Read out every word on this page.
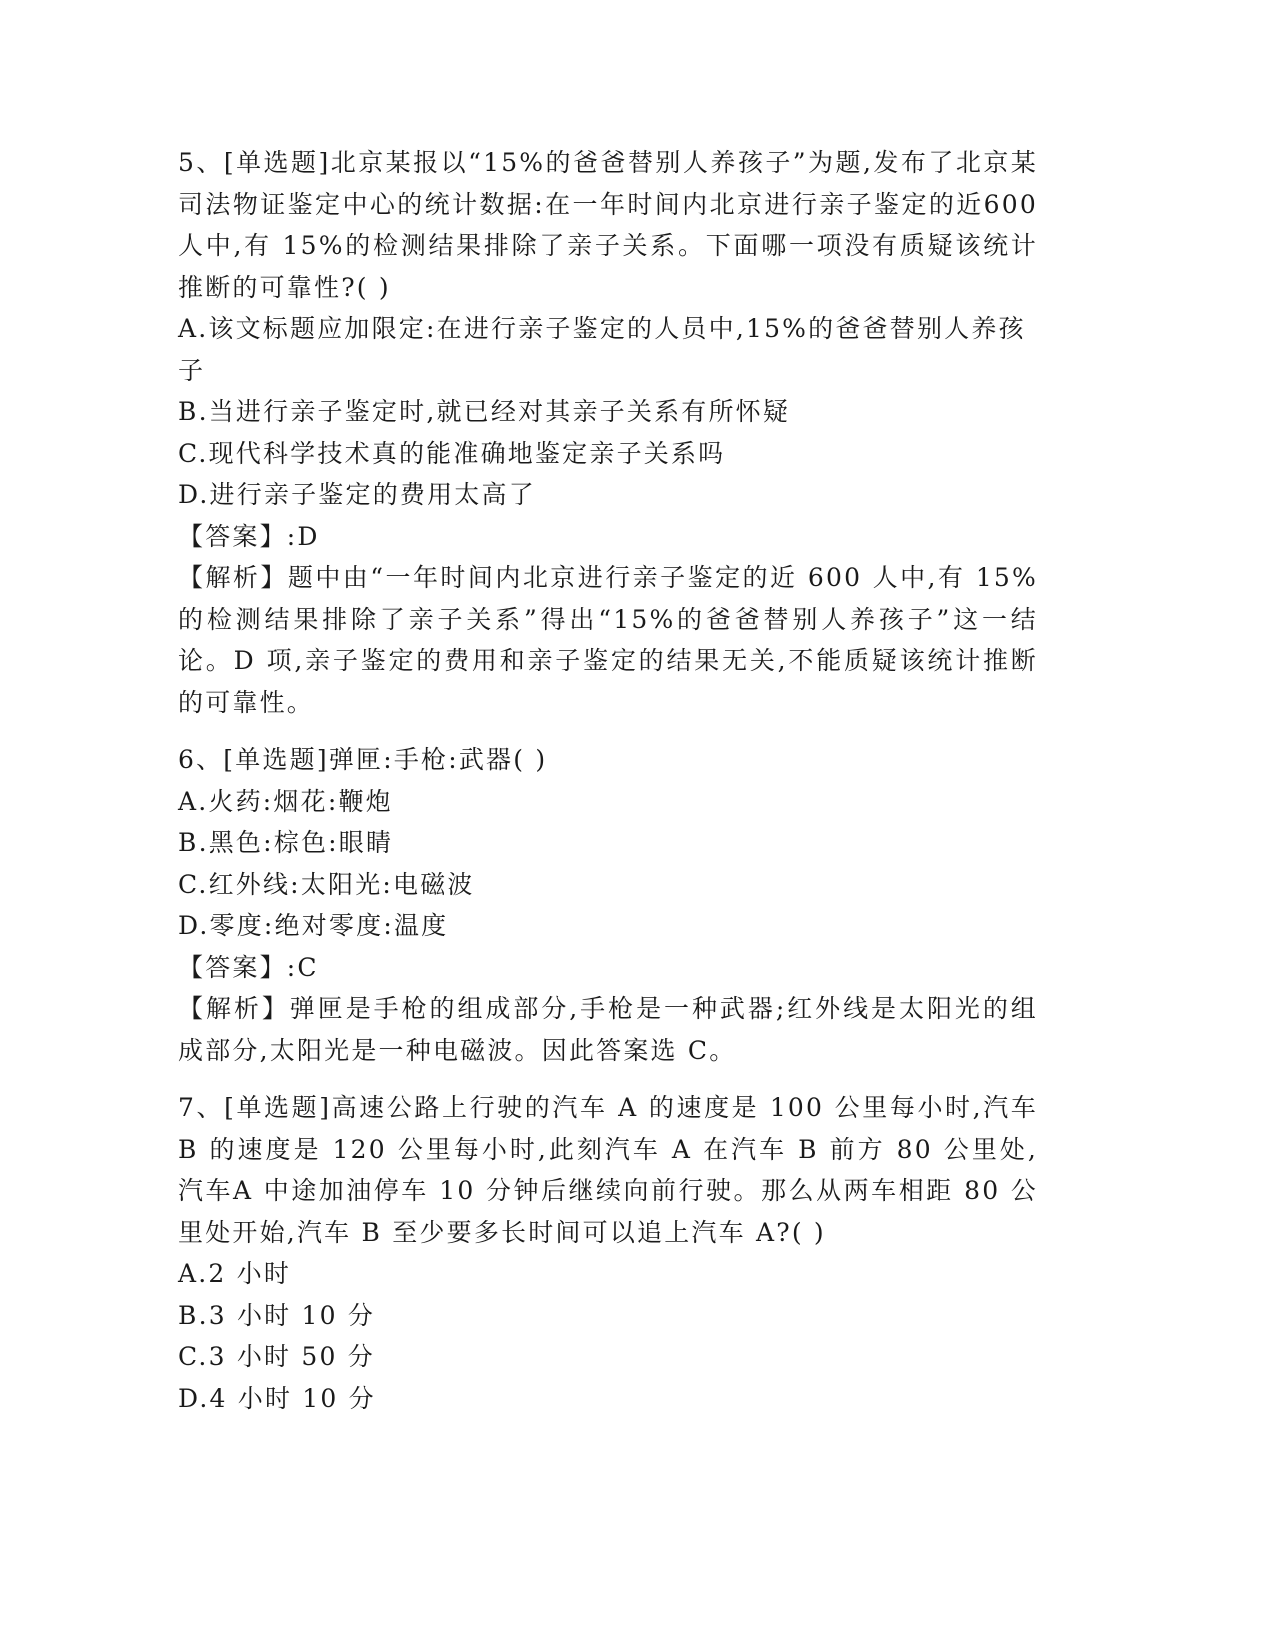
5、[单选题]北京某报以“15%的爸爸替别人养孩子”为题,发布了北京某司法物证鉴定中心的统计数据:在一年时间内北京进行亲子鉴定的近600 人中,有 15%的检测结果排除了亲子关系。下面哪一项没有质疑该统计推断的可靠性?( )
A.该文标题应加限定:在进行亲子鉴定的人员中,15%的爸爸替别人养孩子
B.当进行亲子鉴定时,就已经对其亲子关系有所怀疑
C.现代科学技术真的能准确地鉴定亲子关系吗
D.进行亲子鉴定的费用太高了
【答案】:D
【解析】题中由“一年时间内北京进行亲子鉴定的近 600 人中,有 15%的检测结果排除了亲子关系”得出“15%的爸爸替别人养孩子”这一结论。D 项,亲子鉴定的费用和亲子鉴定的结果无关,不能质疑该统计推断的可靠性。
6、[单选题]弹匣:手枪:武器( )
A.火药:烟花:鞭炮
B.黑色:棕色:眼睛
C.红外线:太阳光:电磁波
D.零度:绝对零度:温度
【答案】:C
【解析】弹匣是手枪的组成部分,手枪是一种武器;红外线是太阳光的组成部分,太阳光是一种电磁波。因此答案选 C。
7、[单选题]高速公路上行驶的汽车 A 的速度是 100 公里每小时,汽车B 的速度是 120 公里每小时,此刻汽车 A 在汽车 B 前方 80 公里处,汽车A 中途加油停车 10 分钟后继续向前行驶。那么从两车相距 80 公里处开始,汽车 B 至少要多长时间可以追上汽车 A?( )
A.2 小时
B.3 小时 10 分
C.3 小时 50 分
D.4 小时 10 分
